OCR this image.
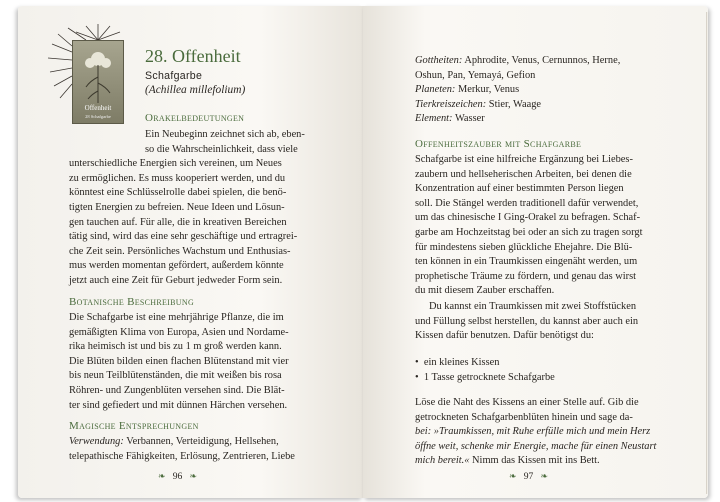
Offenheit
28 Schafgarbe
28. Offenheit
Schafgarbe
(Achillea millefolium)

Orakelbedeutungen

Ein Neubeginn zeichnet sich ab, eben-

so die Wahrscheinlichkeit, dass viele

unterschiedliche Energien sich vereinen, um Neues

zu ermöglichen. Es muss kooperiert werden, und du

könntest eine Schlüsselrolle dabei spielen, die benö-

tigten Energien zu befreien. Neue Ideen und Lösun-

gen tauchen auf. Für alle, die in kreativen Bereichen

tätig sind, wird das eine sehr geschäftige und ertragrei-

che Zeit sein. Persönliches Wachstum und Enthusias-

mus werden momentan gefördert, außerdem könnte

jetzt auch eine Zeit für Geburt jedweder Form sein.

Botanische Beschreibung

Die Schafgarbe ist eine mehrjährige Pflanze, die im

gemäßigten Klima von Europa, Asien und Nordame-

rika heimisch ist und bis zu 1 m groß werden kann.

Die Blüten bilden einen flachen Blütenstand mit vier

bis neun Teilblütenständen, die mit weißen bis rosa

Röhren- und Zungenblüten versehen sind. Die Blät-

ter sind gefiedert und mit dünnen Härchen versehen.

Magische Entsprechungen

Verwendung: Verbannen, Verteidigung, Hellsehen,

telepathische Fähigkeiten, Erlösung, Zentrieren, Liebe

❧ 96 ❧

Gottheiten: Aphrodite, Venus, Cernunnos, Herne,

Oshun, Pan, Yemayá, Gefion

Planeten: Merkur, Venus

Tierkreiszeichen: Stier, Waage

Element: Wasser

Offenheitszauber mit Schafgarbe

Schafgarbe ist eine hilfreiche Ergänzung bei Liebes-

zaubern und hellseherischen Arbeiten, bei denen die

Konzentration auf einer bestimmten Person liegen

soll. Die Stängel werden traditionell dafür verwendet,

um das chinesische I Ging-Orakel zu befragen. Schaf-

garbe am Hochzeitstag bei oder an sich zu tragen sorgt

für mindestens sieben glückliche Ehejahre. Die Blü-

ten können in ein Traumkissen eingenäht werden, um

prophetische Träume zu fördern, und genau das wirst

du mit diesem Zauber erschaffen.

Du kannst ein Traumkissen mit zwei Stoffstücken

und Füllung selbst herstellen, du kannst aber auch ein

Kissen dafür benutzen. Dafür benötigst du:

•  ein kleines Kissen
•  1 Tasse getrocknete Schafgarbe

Löse die Naht des Kissens an einer Stelle auf. Gib die

getrockneten Schafgarbenblüten hinein und sage da-

bei: »Traumkissen, mit Ruhe erfülle mich und mein Herz

öffne weit, schenke mir Energie, mache für einen Neustart

mich bereit.« Nimm das Kissen mit ins Bett.

❧ 97 ❧
